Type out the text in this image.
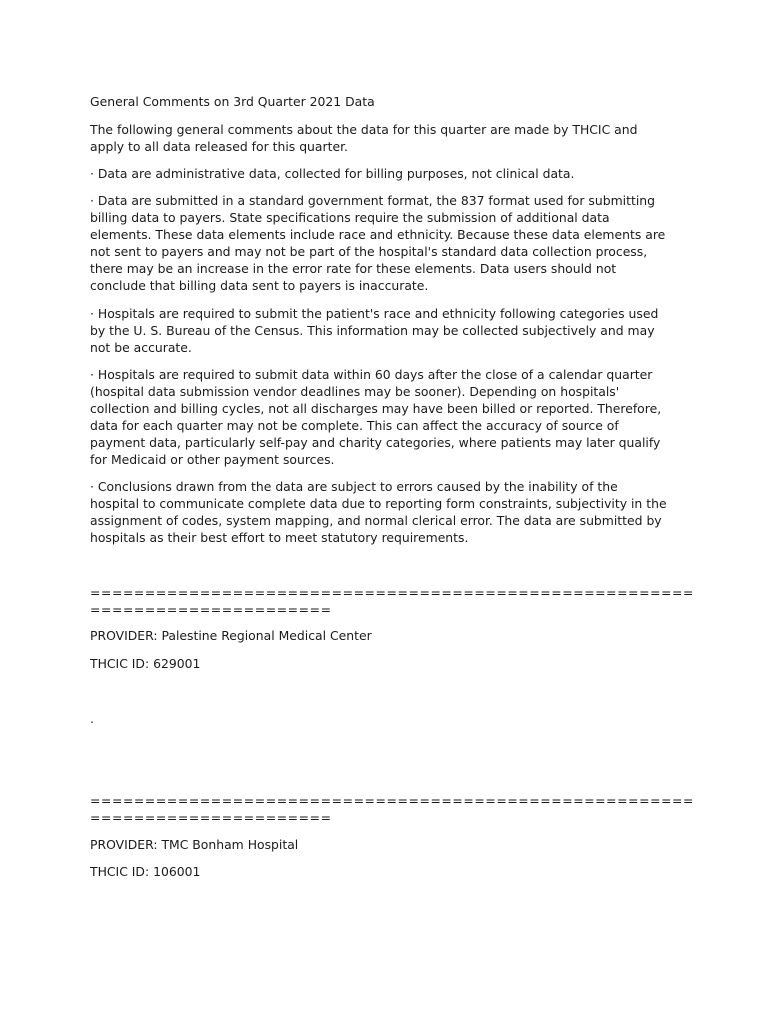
General Comments on 3rd Quarter 2021 Data

The following general comments about the data for this quarter are made by THCIC and
apply to all data released for this quarter.

· Data are administrative data, collected for billing purposes, not clinical data.

· Data are submitted in a standard government format, the 837 format used for submitting
billing data to payers. State specifications require the submission of additional data
elements. These data elements include race and ethnicity. Because these data elements are
not sent to payers and may not be part of the hospital's standard data collection process,
there may be an increase in the error rate for these elements. Data users should not
conclude that billing data sent to payers is inaccurate.

· Hospitals are required to submit the patient's race and ethnicity following categories used
by the U. S. Bureau of the Census. This information may be collected subjectively and may
not be accurate.

· Hospitals are required to submit data within 60 days after the close of a calendar quarter
(hospital data submission vendor deadlines may be sooner). Depending on hospitals'
collection and billing cycles, not all discharges may have been billed or reported. Therefore,
data for each quarter may not be complete. This can affect the accuracy of source of
payment data, particularly self-pay and charity categories, where patients may later qualify
for Medicaid or other payment sources.

· Conclusions drawn from the data are subject to errors caused by the inability of the
hospital to communicate complete data due to reporting form constraints, subjectivity in the
assignment of codes, system mapping, and normal clerical error. The data are submitted by
hospitals as their best effort to meet statutory requirements.

=======================================================
======================

PROVIDER: Palestine Regional Medical Center

THCIC ID: 629001

.

=======================================================
======================

PROVIDER: TMC Bonham Hospital

THCIC ID: 106001
